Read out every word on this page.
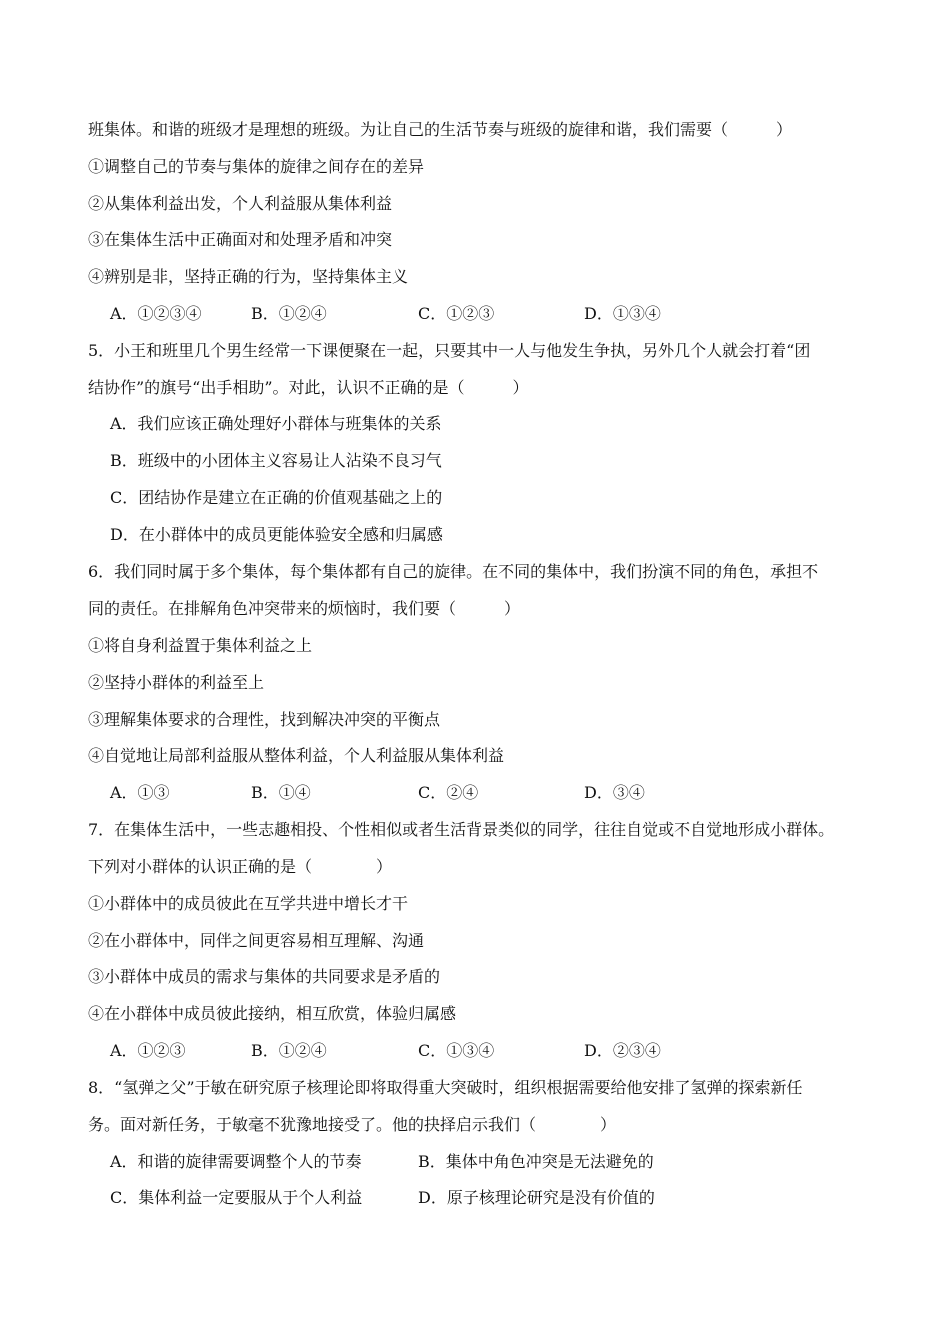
班集体。和谐的班级才是理想的班级。为让自己的生活节奏与班级的旋律和谐，我们需要（　　　）
①调整自己的节奏与集体的旋律之间存在的差异
②从集体利益出发，个人利益服从集体利益
③在集体生活中正确面对和处理矛盾和冲突
④辨别是非，坚持正确的行为，坚持集体主义
A．①②③④	B．①②④	C．①②③	D．①③④
5．小王和班里几个男生经常一下课便聚在一起，只要其中一人与他发生争执，另外几个人就会打着“团
结协作”的旗号“出手相助”。对此，认识不正确的是（　　　）
A．我们应该正确处理好小群体与班集体的关系
B．班级中的小团体主义容易让人沾染不良习气
C．团结协作是建立在正确的价值观基础之上的
D．在小群体中的成员更能体验安全感和归属感
6．我们同时属于多个集体，每个集体都有自己的旋律。在不同的集体中，我们扮演不同的角色，承担不
同的责任。在排解角色冲突带来的烦恼时，我们要（　　　）
①将自身利益置于集体利益之上
②坚持小群体的利益至上
③理解集体要求的合理性，找到解决冲突的平衡点
④自觉地让局部利益服从整体利益，个人利益服从集体利益
A．①③	B．①④	C．②④	D．③④
7．在集体生活中，一些志趣相投、个性相似或者生活背景类似的同学，往往自觉或不自觉地形成小群体。
下列对小群体的认识正确的是（　　　　）
①小群体中的成员彼此在互学共进中增长才干
②在小群体中，同伴之间更容易相互理解、沟通
③小群体中成员的需求与集体的共同要求是矛盾的
④在小群体中成员彼此接纳，相互欣赏，体验归属感
A．①②③	B．①②④	C．①③④	D．②③④
8．“氢弹之父”于敏在研究原子核理论即将取得重大突破时，组织根据需要给他安排了氢弹的探索新任
务。面对新任务，于敏毫不犹豫地接受了。他的抉择启示我们（　　　　）
A．和谐的旋律需要调整个人的节奏	B．集体中角色冲突是无法避免的
C．集体利益一定要服从于个人利益	D．原子核理论研究是没有价值的
